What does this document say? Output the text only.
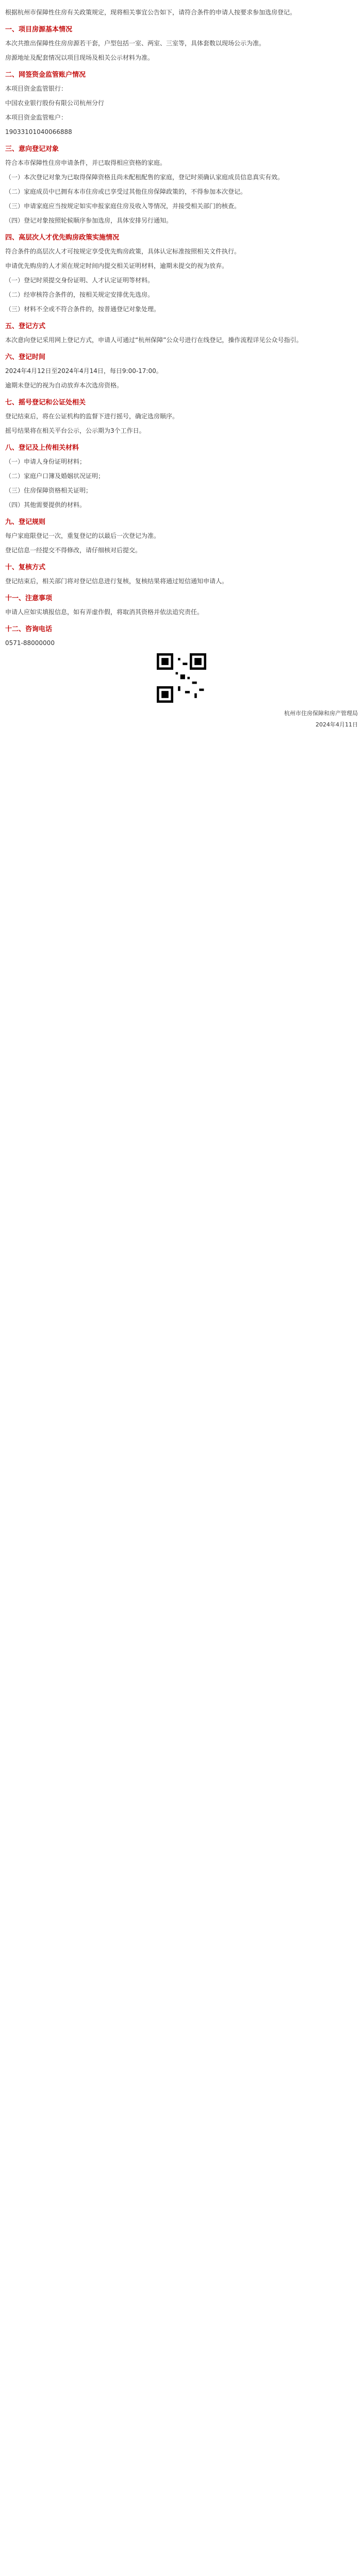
根据杭州市保障性住房有关政策规定，现将相关事宜公告如下，请符合条件的申请人按要求参加选房登记。

一、项目房源基本情况

本次共推出保障性住房房源若干套，户型包括一室、两室、三室等，具体套数以现场公示为准。

房源地址及配套情况以项目现场及相关公示材料为准。

二、网签资金监管账户情况

本项目资金监管银行：

中国农业银行股份有限公司杭州分行

本项目资金监管账户：

19033101040066888

三、意向登记对象

符合本市保障性住房申请条件，并已取得相应资格的家庭。

（一）本次登记对象为已取得保障资格且尚未配租配售的家庭，登记时须确认家庭成员信息真实有效。

（二）家庭成员中已拥有本市住房或已享受过其他住房保障政策的，不得参加本次登记。

（三）申请家庭应当按规定如实申报家庭住房及收入等情况，并接受相关部门的核查。

（四）登记对象按照轮候顺序参加选房，具体安排另行通知。

四、高层次人才优先购房政策实施情况

符合条件的高层次人才可按规定享受优先购房政策，具体认定标准按照相关文件执行。

申请优先购房的人才须在规定时间内提交相关证明材料，逾期未提交的视为放弃。

（一）登记时须提交身份证明、人才认定证明等材料。

（二）经审核符合条件的，按相关规定安排优先选房。

（三）材料不全或不符合条件的，按普通登记对象处理。

五、登记方式

本次意向登记采用网上登记方式，申请人可通过“杭州保障”公众号进行在线登记，操作流程详见公众号指引。

六、登记时间

2024年4月12日至2024年4月14日，每日9:00-17:00。

逾期未登记的视为自动放弃本次选房资格。

七、摇号登记和公证处相关

登记结束后，将在公证机构的监督下进行摇号，确定选房顺序。

摇号结果将在相关平台公示，公示期为3个工作日。

八、登记及上传相关材料

（一）申请人身份证明材料；

（二）家庭户口簿及婚姻状况证明；

（三）住房保障资格相关证明；

（四）其他需要提供的材料。

九、登记规则

每户家庭限登记一次，重复登记的以最后一次登记为准。

登记信息一经提交不得修改，请仔细核对后提交。

十、复核方式

登记结束后，相关部门将对登记信息进行复核，复核结果将通过短信通知申请人。

十一、注意事项

申请人应如实填报信息，如有弄虚作假，将取消其资格并依法追究责任。

十二、咨询电话

0571-88000000

杭州市住房保障和房产管理局
2024年4月11日
